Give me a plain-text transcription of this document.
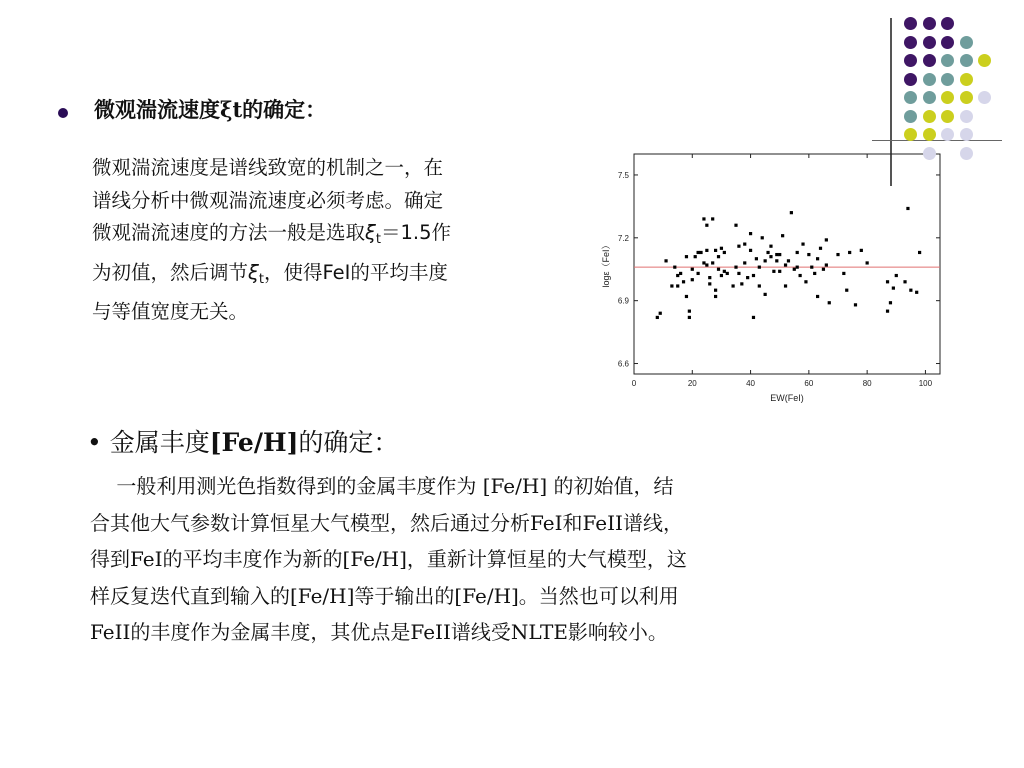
微观湍流速度ξt的确定：
微观湍流速度是谱线致宽的机制之一，在
谱线分析中微观湍流速度必须考虑。确定
微观湍流速度的方法一般是选取$\xi_t=1.5$作
为初值，然后调节$\xi_t$，使得FeI的平均丰度
与等值宽度无关。
0	20	40	60	80	100
6.6
6.9
7.2
7.5
EW(FeI)
logε（FeI）
• 金属丰度[Fe/H]的确定：
　 一般利用测光色指数得到的金属丰度作为 [Fe/H] 的初始值，结
合其他大气参数计算恒星大气模型，然后通过分析FeI和FeII谱线，
得到FeI的平均丰度作为新的[Fe/H]，重新计算恒星的大气模型，这
样反复迭代直到输入的[Fe/H]等于输出的[Fe/H]。当然也可以利用
FeII的丰度作为金属丰度，其优点是FeII谱线受NLTE影响较小。
